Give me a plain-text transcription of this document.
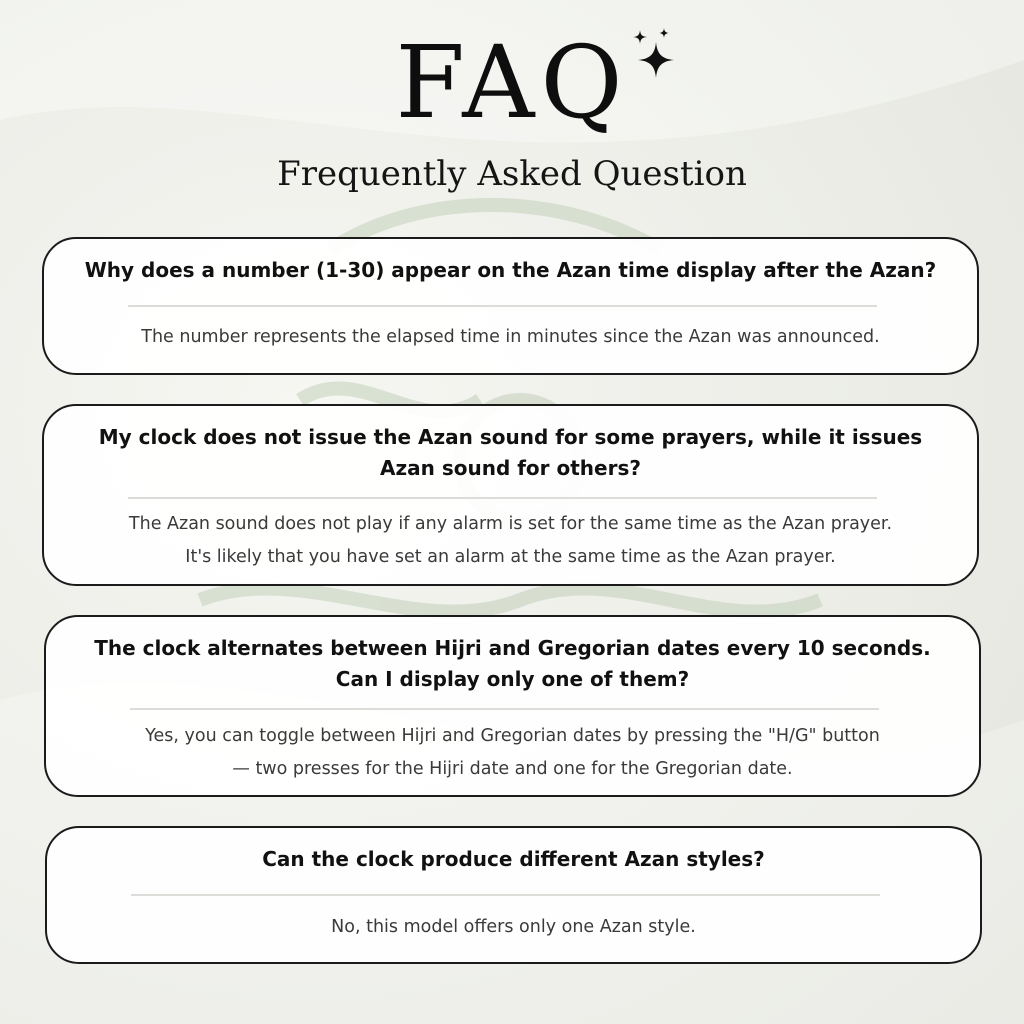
FAQ
Frequently Asked Question
Why does a number (1-30) appear on the Azan time display after the Azan?
The number represents the elapsed time in minutes since the Azan was announced.
My clock does not issue the Azan sound for some prayers, while it issues
Azan sound for others?
The Azan sound does not play if any alarm is set for the same time as the Azan prayer.
It's likely that you have set an alarm at the same time as the Azan prayer.
The clock alternates between Hijri and Gregorian dates every 10 seconds.
Can I display only one of them?
Yes, you can toggle between Hijri and Gregorian dates by pressing the "H/G" button
— two presses for the Hijri date and one for the Gregorian date.
Can the clock produce different Azan styles?
No, this model offers only one Azan style.
